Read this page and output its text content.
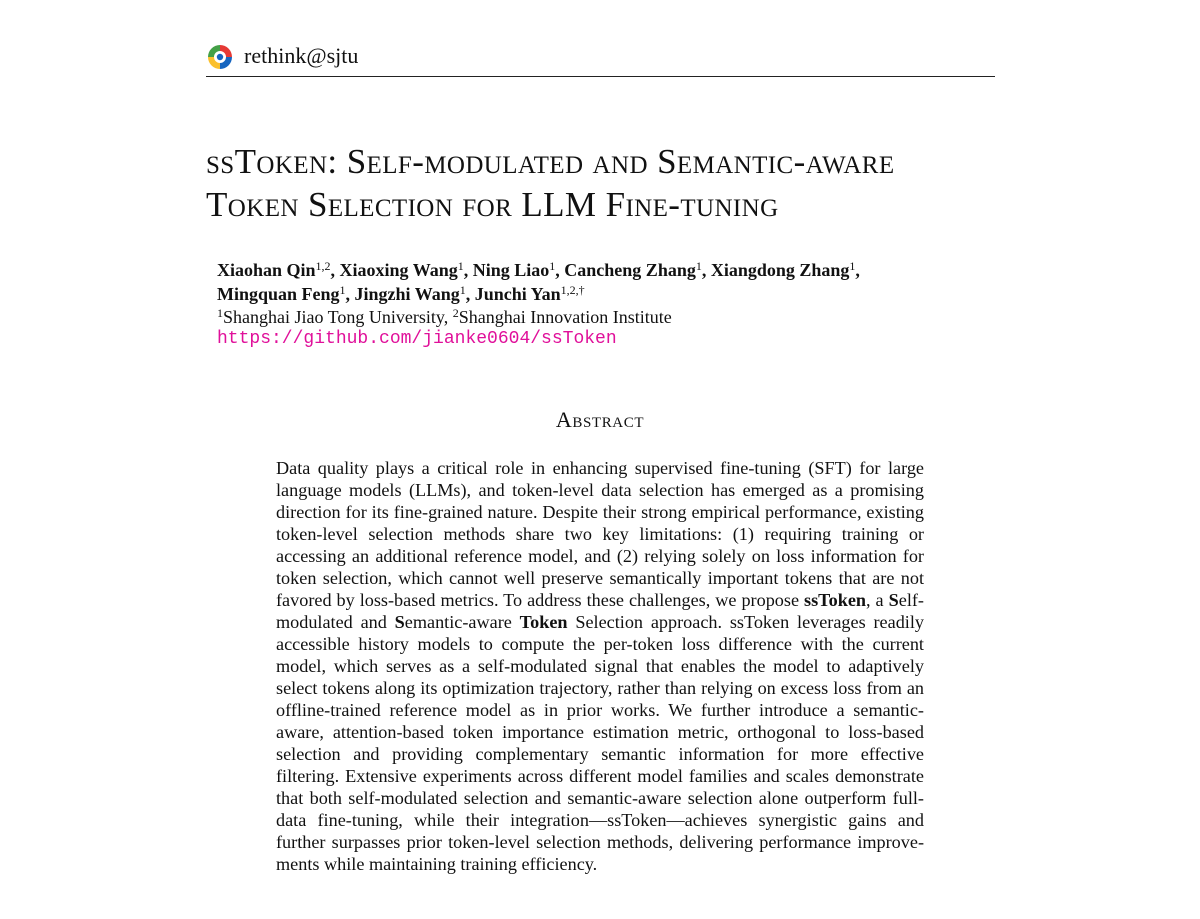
rethink@sjtu
ssToken: Self-modulated and Semantic-aware
Token Selection for LLM Fine-tuning
Xiaohan Qin$^{1,2}$, Xiaoxing Wang$^1$, Ning Liao$^1$, Cancheng Zhang$^1$, Xiangdong Zhang$^1$,
Mingquan Feng$^1$, Jingzhi Wang$^1$, Junchi Yan$^{1,2,\dagger}$
$^1$Shanghai Jiao Tong University, $^2$Shanghai Innovation Institute
https://github.com/jianke0604/ssToken
Abstract

Data quality plays a critical role in enhancing supervised fine-tuning (SFT) for large language models (LLMs), and token-level data selection has emerged as a promising direction for its fine-grained nature. Despite their strong empirical performance, existing token-level selection methods share two key limitations: (1) requiring training or accessing an additional reference model, and (2) relying solely on loss information for token selection, which cannot well preserve semantically important tokens that are not favored by loss-based metrics. To address these challenges, we propose ssToken, a Self-modulated and Semantic-aware Token Selection approach. ssToken leverages readily accessible history models to compute the per-token loss difference with the current model, which serves as a self-modulated signal that enables the model to adaptively select tokens along its optimization trajectory, rather than relying on excess loss from an offline-trained reference model as in prior works. We further introduce a semantic-aware, attention-based token importance estimation metric, orthogonal to loss-based selection and providing complementary semantic information for more effective filtering. Extensive experiments across different model families and scales demonstrate that both self-modulated selection and semantic-aware selection alone outperform full-data fine-tuning, while their integration—ssToken—achieves synergistic gains and further surpasses prior token-level selection methods, delivering performance improvements while maintaining training efficiency.
